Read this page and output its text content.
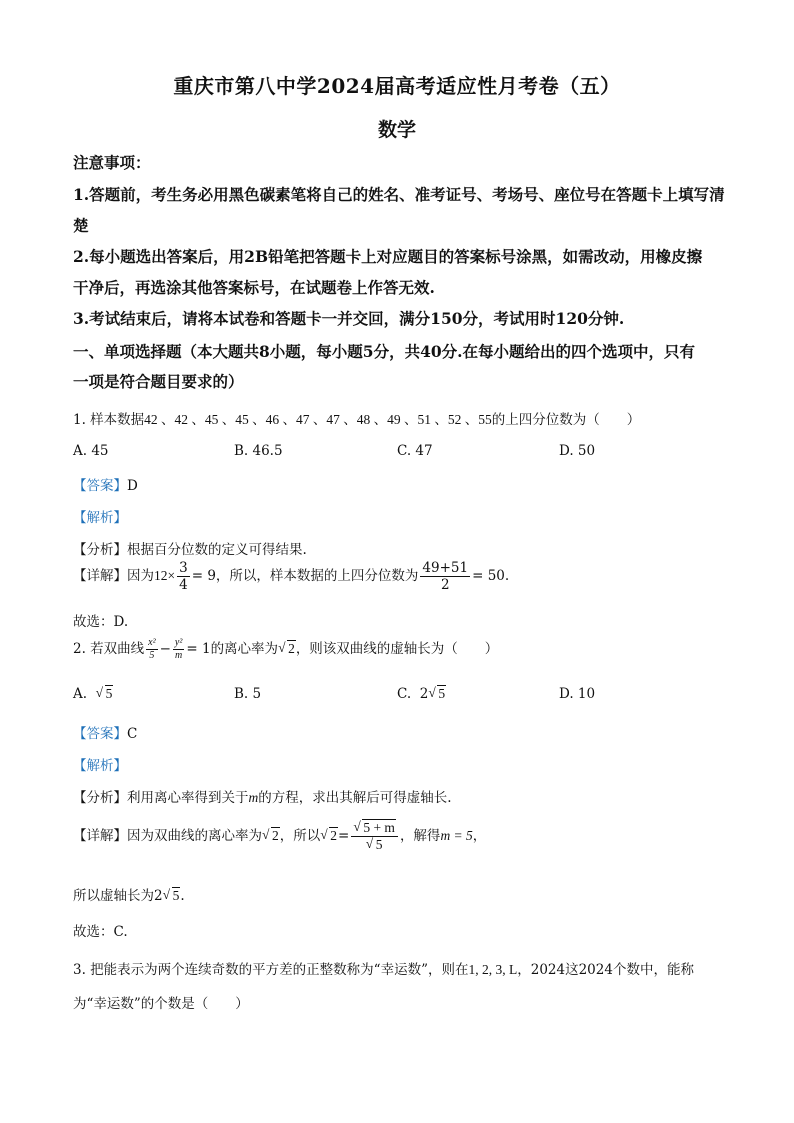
重庆市第八中学2024届高考适应性月考卷（五）
数学
注意事项：
1.答题前，考生务必用黑色碳素笔将自己的姓名、准考证号、考场号、座位号在答题卡上填写清
楚
2.每小题选出答案后，用2B铅笔把答题卡上对应题目的答案标号涂黑，如需改动，用橡皮擦
干净后，再选涂其他答案标号，在试题卷上作答无效.
3.考试结束后，请将本试卷和答题卡一并交回，满分150分，考试用时120分钟.
一、单项选择题（本大题共8小题，每小题5分，共40分.在每小题给出的四个选项中，只有
一项是符合题目要求的）
1. 样本数据42 、42 、45 、45 、46 、47 、47 、48 、49 、51 、52 、55的上四分位数为（　　）
A. 45	B. 46.5	C. 47	D. 50
【答案】D
【解析】
【分析】根据百分位数的定义可得结果.
【详解】因为$12\times \frac{3}{4} = 9$，所以，样本数据的上四分位数为 $\frac{49+51}{2} = 50$.
故选：D.
2. 若双曲线 $\frac{\text{x²}}{5} - \frac{\text{y²}}{m} = 1$的离心率为 √ 2，则该双曲线的虚轴长为（　　）
A. √ 5	B. 5	C. 2 √ 5	D. 10
【答案】C
【解析】
【分析】利用离心率得到关于m的方程，求出其解后可得虚轴长.
【详解】因为双曲线的离心率为 √ 2，所以 √ 2= √ 5 + m
√ 5 ，解得m = 5，
所以虚轴长为2 √ 5.
故选：C.
3. 把能表示为两个连续奇数的平方差的正整数称为“幸运数”，则在1, 2, 3, L，2024这2024个数中，能称
为“幸运数”的个数是（　　）
